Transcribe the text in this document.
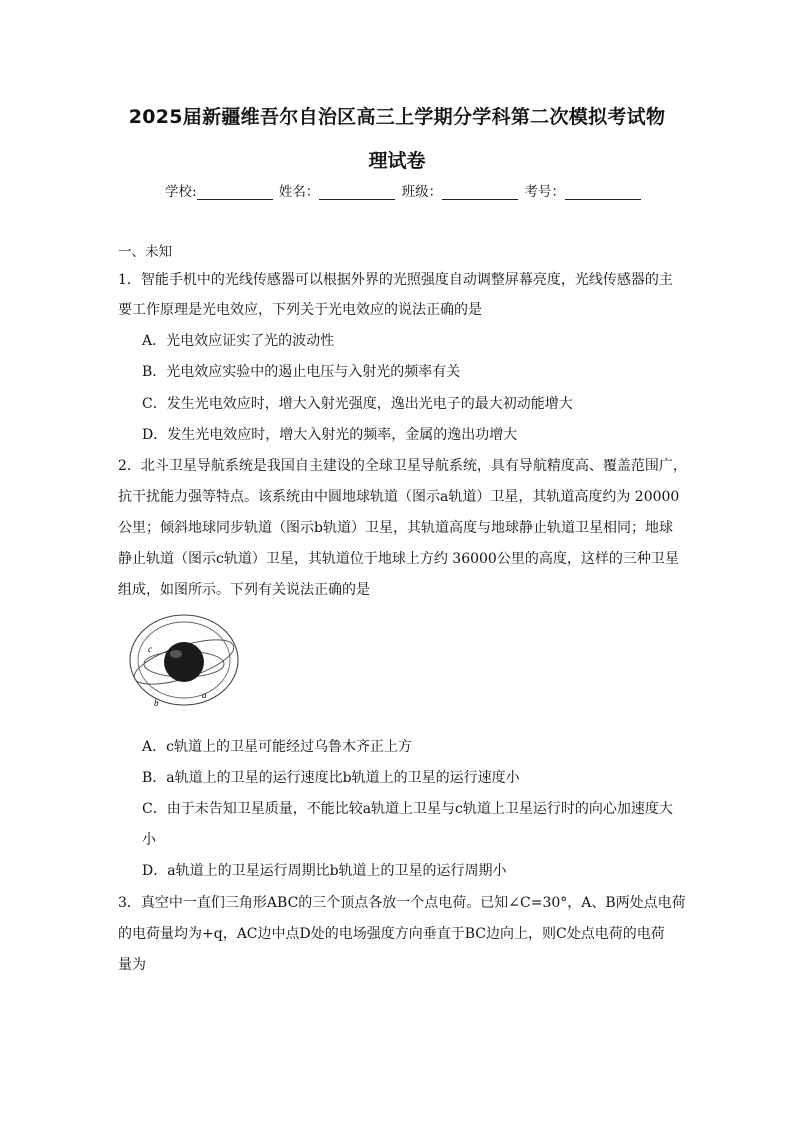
2025届新疆维吾尔自治区高三上学期分学科第二次模拟考试物
理试卷
学校:	姓名：	班级：	考号：
一、未知
1．智能手机中的光线传感器可以根据外界的光照强度自动调整屏幕亮度，光线传感器的主
要工作原理是光电效应，下列关于光电效应的说法正确的是
A．光电效应证实了光的波动性
B．光电效应实验中的遏止电压与入射光的频率有关
C．发生光电效应时，增大入射光强度，逸出光电子的最大初动能增大
D．发生光电效应时，增大入射光的频率，金属的逸出功增大
2．北斗卫星导航系统是我国自主建设的全球卫星导航系统，具有导航精度高、覆盖范围广，
抗干扰能力强等特点。该系统由中圆地球轨道（图示a轨道）卫星，其轨道高度约为 20000
公里；倾斜地球同步轨道（图示b轨道）卫星，其轨道高度与地球静止轨道卫星相同；地球
静止轨道（图示c轨道）卫星，其轨道位于地球上方约 36000公里的高度，这样的三种卫星
组成，如图所示。下列有关说法正确的是
b
a
c
A．c轨道上的卫星可能经过乌鲁木齐正上方
B．a轨道上的卫星的运行速度比b轨道上的卫星的运行速度小
C．由于未告知卫星质量，不能比较a轨道上卫星与c轨道上卫星运行时的向心加速度大
小
D．a轨道上的卫星运行周期比b轨道上的卫星的运行周期小
3．真空中一直们三角形ABC的三个顶点各放一个点电荷。已知∠C=30°，A、B两处点电荷
的电荷量均为+q，AC边中点D处的电场强度方向垂直于BC边向上，则C处点电荷的电荷
量为
